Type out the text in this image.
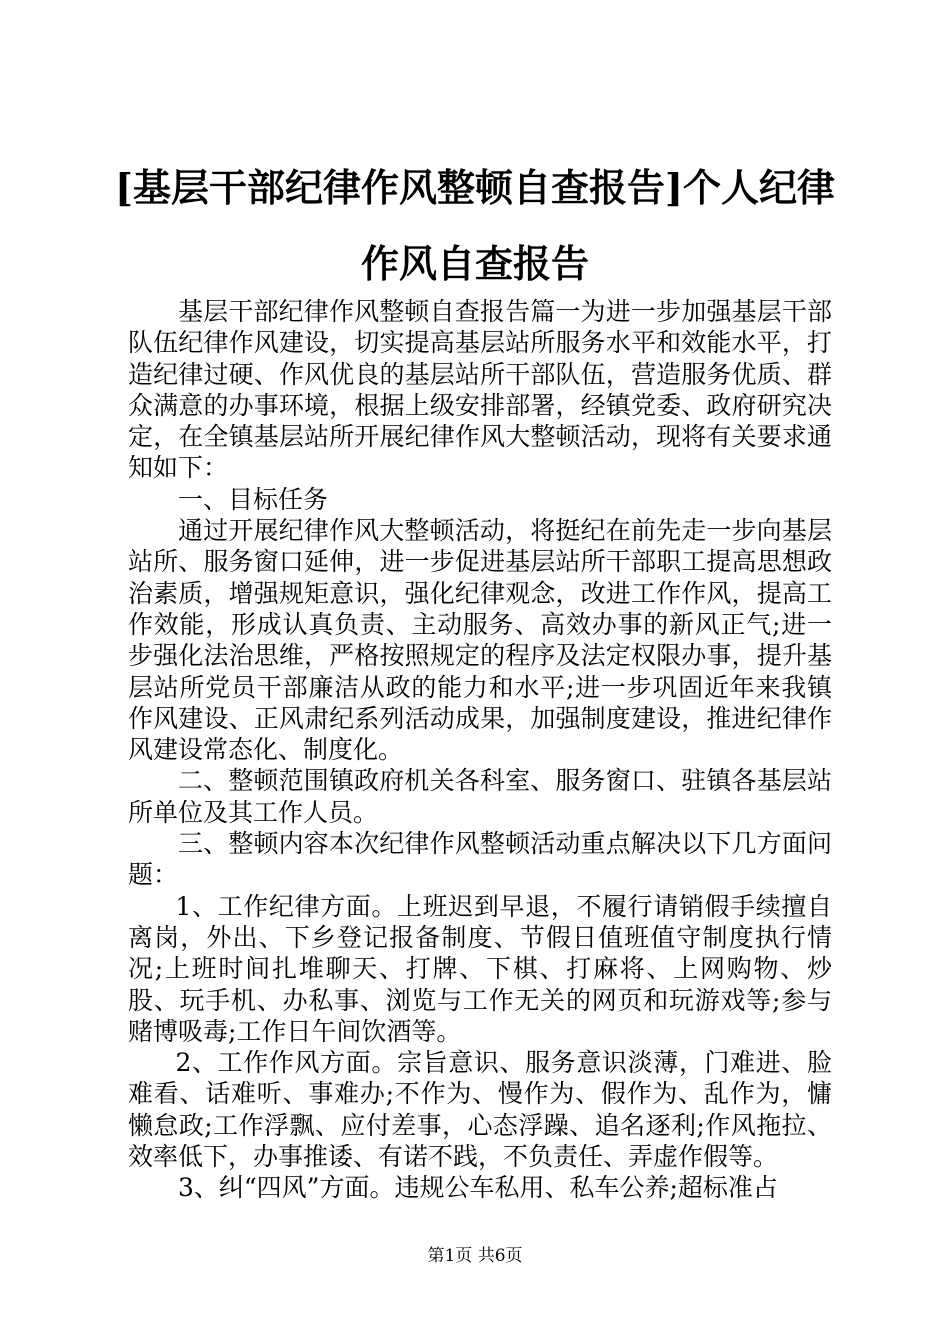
[基层干部纪律作风整顿自查报告]个人纪律作风自查报告

基层干部纪律作风整顿自查报告篇一为进一步加强基层干部队伍纪律作风建设，切实提高基层站所服务水平和效能水平，打造纪律过硬、作风优良的基层站所干部队伍，营造服务优质、群众满意的办事环境，根据上级安排部署，经镇党委、政府研究决定，在全镇基层站所开展纪律作风大整顿活动，现将有关要求通知如下：

一、目标任务

通过开展纪律作风大整顿活动，将挺纪在前先走一步向基层站所、服务窗口延伸，进一步促进基层站所干部职工提高思想政治素质，增强规矩意识，强化纪律观念，改进工作作风，提高工作效能，形成认真负责、主动服务、高效办事的新风正气;进一步强化法治思维，严格按照规定的程序及法定权限办事，提升基层站所党员干部廉洁从政的能力和水平;进一步巩固近年来我镇作风建设、正风肃纪系列活动成果，加强制度建设，推进纪律作风建设常态化、制度化。

二、整顿范围镇政府机关各科室、服务窗口、驻镇各基层站所单位及其工作人员。

三、整顿内容本次纪律作风整顿活动重点解决以下几方面问题：

1、工作纪律方面。上班迟到早退，不履行请销假手续擅自离岗，外出、下乡登记报备制度、节假日值班值守制度执行情况;上班时间扎堆聊天、打牌、下棋、打麻将、上网购物、炒股、玩手机、办私事、浏览与工作无关的网页和玩游戏等;参与赌博吸毒;工作日午间饮酒等。

2、工作作风方面。宗旨意识、服务意识淡薄，门难进、脸难看、话难听、事难办;不作为、慢作为、假作为、乱作为，慵懒怠政;工作浮飘、应付差事，心态浮躁、追名逐利;作风拖拉、效率低下，办事推诿、有诺不践，不负责任、弄虚作假等。

3、纠“四风”方面。违规公车私用、私车公养;超标准占

第1页 共6页
